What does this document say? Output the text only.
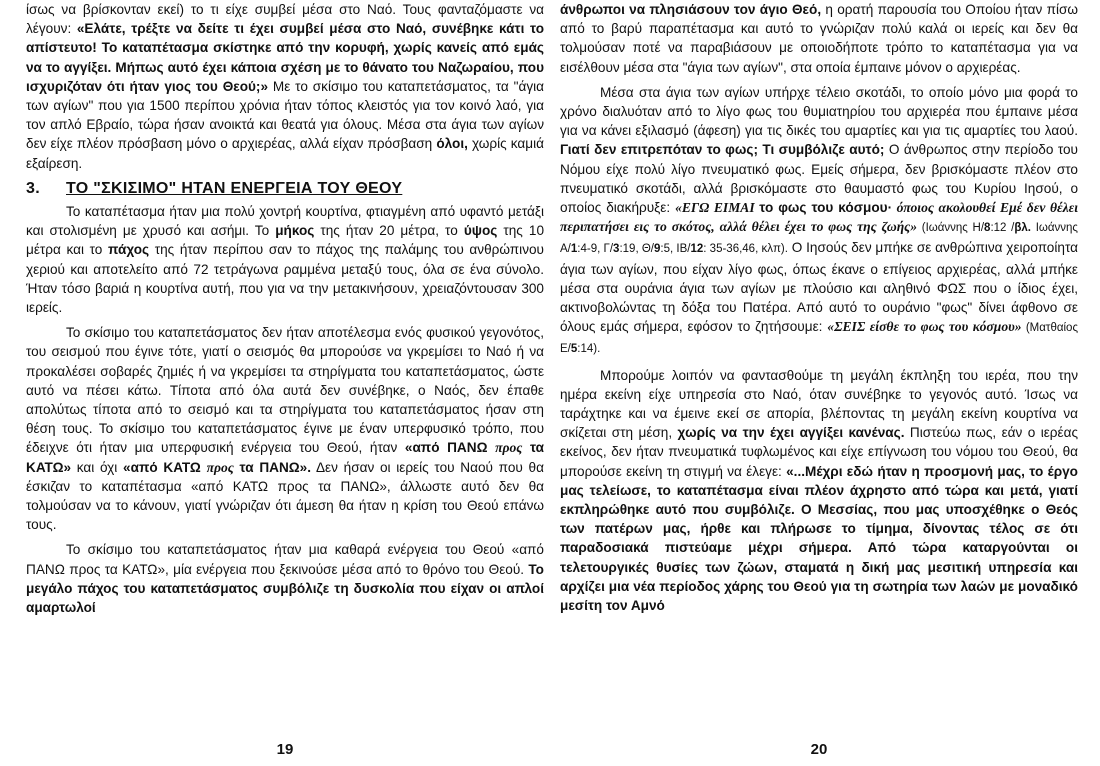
ίσως να βρίσκονταν εκεί) το τι είχε συμβεί μέσα στο Ναό. Τους φανταζόμαστε να λέγουν: «Ελάτε, τρέξτε να δείτε τι έχει συμβεί μέσα στο Ναό, συνέβηκε κάτι το απίστευτο! Το καταπέτασμα σκίστηκε από την κορυφή, χωρίς κανείς από εμάς να το αγγίξει. Μήπως αυτό έχει κάποια σχέση με το θάνατο του Ναζωραίου, που ισχυριζόταν ότι ήταν γιος του Θεού;» Με το σκίσιμο του καταπετάσματος, τα "άγια των αγίων" που για 1500 περίπου χρόνια ήταν τόπος κλειστός για τον κοινό λαό, για τον απλό Εβραίο, τώρα ήσαν ανοικτά και θεατά για όλους. Μέσα στα άγια των αγίων δεν είχε πλέον πρόσβαση μόνο ο αρχιερέας, αλλά είχαν πρόσβαση όλοι, χωρίς καμιά εξαίρεση.

3. ΤΟ "ΣΚΙΣΙΜΟ" ΗΤΑΝ ΕΝΕΡΓΕΙΑ ΤΟΥ ΘΕΟΥ

Το καταπέτασμα ήταν μια πολύ χοντρή κουρτίνα, φτιαγμένη από υφαντό μετάξι και στολισμένη με χρυσό και ασήμι. Το μήκος της ήταν 20 μέτρα, το ύψος της 10 μέτρα και το πάχος της ήταν περίπου σαν το πάχος της παλάμης του ανθρώπινου χεριού και αποτελείτο από 72 τετράγωνα ραμμένα μεταξύ τους, όλα σε ένα σύνολο. Ήταν τόσο βαριά η κουρτίνα αυτή, που για να την μετακινήσουν, χρειαζόντουσαν 300 ιερείς.

Το σκίσιμο του καταπετάσματος δεν ήταν αποτέλεσμα ενός φυσικού γεγονότος, του σεισμού που έγινε τότε, γιατί ο σεισμός θα μπορούσε να γκρεμίσει το Ναό ή να προκαλέσει σοβαρές ζημιές ή να γκρεμίσει τα στηρίγματα του καταπετάσματος, ώστε αυτό να πέσει κάτω. Τίποτα από όλα αυτά δεν συνέβηκε, ο Ναός, δεν έπαθε απολύτως τίποτα από το σεισμό και τα στηρίγματα του καταπετάσματος ήσαν στη θέση τους. Το σκίσιμο του καταπετάσματος έγινε με έναν υπερφυσικό τρόπο, που έδειχνε ότι ήταν μια υπερφυσική ενέργεια του Θεού, ήταν «από ΠΑΝΩ προς τα ΚΑΤΩ» και όχι «από ΚΑΤΩ προς τα ΠΑΝΩ». Δεν ήσαν οι ιερείς του Ναού που θα έσκιζαν το καταπέτασμα «από ΚΑΤΩ προς τα ΠΑΝΩ», άλλωστε αυτό δεν θα τολμούσαν να το κάνουν, γιατί γνώριζαν ότι άμεση θα ήταν η κρίση του Θεού επάνω τους.

Το σκίσιμο του καταπετάσματος ήταν μια καθαρά ενέργεια του Θεού «από ΠΑΝΩ προς τα ΚΑΤΩ», μία ενέργεια που ξεκινούσε μέσα από το θρόνο του Θεού. Το μεγάλο πάχος του καταπετάσματος συμβόλιζε τη δυσκολία που είχαν οι απλοί αμαρτωλοί

19

άνθρωποι να πλησιάσουν τον άγιο Θεό, η ορατή παρουσία του Οποίου ήταν πίσω από το βαρύ παραπέτασμα και αυτό το γνώριζαν πολύ καλά οι ιερείς και δεν θα τολμούσαν ποτέ να παραβιάσουν με οποιοδήποτε τρόπο το καταπέτασμα για να εισέλθουν μέσα στα "άγια των αγίων", στα οποία έμπαινε μόνον ο αρχιερέας.

Μέσα στα άγια των αγίων υπήρχε τέλειο σκοτάδι, το οποίο μόνο μια φορά το χρόνο διαλυόταν από το λίγο φως του θυμιατηρίου του αρχιερέα που έμπαινε μέσα για να κάνει εξιλασμό (άφεση) για τις δικές του αμαρτίες και για τις αμαρτίες του λαού. Γιατί δεν επιτρεπόταν το φως; Τι συμβόλιζε αυτό; Ο άνθρωπος στην περίοδο του Νόμου είχε πολύ λίγο πνευματικό φως. Εμείς σήμερα, δεν βρισκόμαστε πλέον στο πνευματικό σκοτάδι, αλλά βρισκόμαστε στο θαυμαστό φως του Κυρίου Ιησού, ο οποίος διακήρυξε: «ΕΓΩ ΕΙΜΑΙ το φως του κόσμου· όποιος ακολουθεί Εμέ δεν θέλει περιπατήσει εις το σκότος, αλλά θέλει έχει το φως της ζωής» (Ιωάννης Η/8:12 /βλ. Ιωάννης Α/1:4-9, Γ/3:19, Θ/9:5, ΙΒ/12: 35-36,46, κλπ). Ο Ιησούς δεν μπήκε σε ανθρώπινα χειροποίητα άγια των αγίων, που είχαν λίγο φως, όπως έκανε ο επίγειος αρχιερέας, αλλά μπήκε μέσα στα ουράνια άγια των αγίων με πλούσιο και αληθινό ΦΩΣ που ο ίδιος έχει, ακτινοβολώντας τη δόξα του Πατέρα. Από αυτό το ουράνιο "φως" δίνει άφθονο σε όλους εμάς σήμερα, εφόσον το ζητήσουμε: «ΣΕΙΣ είσθε το φως του κόσμου» (Ματθαίος Ε/5:14).

Μπορούμε λοιπόν να φαντασθούμε τη μεγάλη έκπληξη του ιερέα, που την ημέρα εκείνη είχε υπηρεσία στο Ναό, όταν συνέβηκε το γεγονός αυτό. Ίσως να ταράχτηκε και να έμεινε εκεί σε απορία, βλέποντας τη μεγάλη εκείνη κουρτίνα να σκίζεται στη μέση, χωρίς να την έχει αγγίξει κανένας. Πιστεύω πως, εάν ο ιερέας εκείνος, δεν ήταν πνευματικά τυφλωμένος και είχε επίγνωση του νόμου του Θεού, θα μπορούσε εκείνη τη στιγμή να έλεγε: «...Μέχρι εδώ ήταν η προσμονή μας, το έργο μας τελείωσε, το καταπέτασμα είναι πλέον άχρηστο από τώρα και μετά, γιατί εκπληρώθηκε αυτό που συμβόλιζε. Ο Μεσσίας, που μας υποσχέθηκε ο Θεός των πατέρων μας, ήρθε και πλήρωσε το τίμημα, δίνοντας τέλος σε ότι παραδοσιακά πιστεύαμε μέχρι σήμερα. Από τώρα καταργούνται οι τελετουργικές θυσίες των ζώων, σταματά η δική μας μεσιτική υπηρεσία και αρχίζει μια νέα περίοδος χάρης του Θεού για τη σωτηρία των λαών με μοναδικό μεσίτη τον Αμνό

20
